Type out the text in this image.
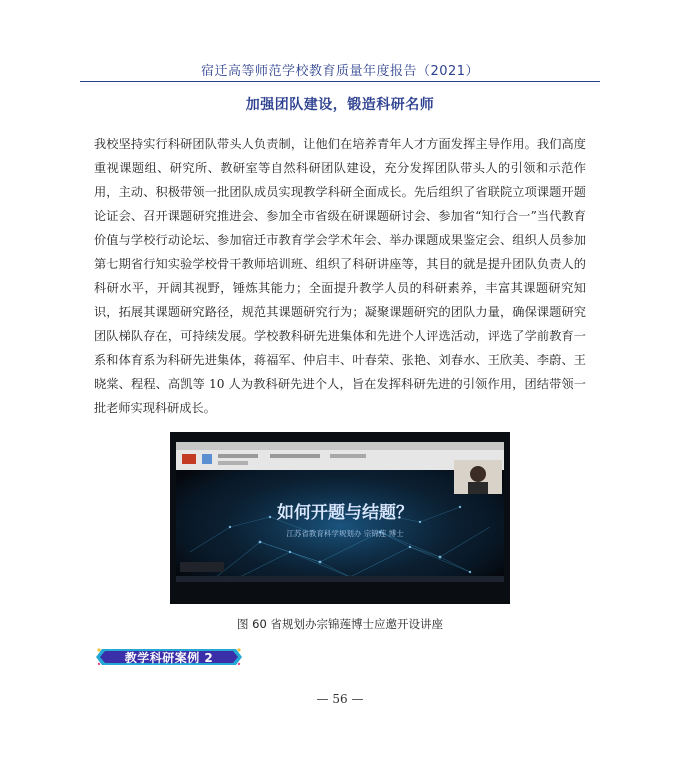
宿迁高等师范学校教育质量年度报告（2021）
加强团队建设，锻造科研名师
我校坚持实行科研团队带头人负责制，让他们在培养青年人才方面发挥主导作用。我们高度重视课题组、研究所、教研室等自然科研团队建设，充分发挥团队带头人的引领和示范作用，主动、积极带领一批团队成员实现教学科研全面成长。先后组织了省联院立项课题开题论证会、召开课题研究推进会、参加全市省级在研课题研讨会、参加省“知行合一”当代教育价值与学校行动论坛、参加宿迁市教育学会学术年会、举办课题成果鉴定会、组织人员参加第七期省行知实验学校骨干教师培训班、组织了科研讲座等，其目的就是提升团队负责人的科研水平，开阔其视野，锤炼其能力；全面提升教学人员的科研素养，丰富其课题研究知识，拓展其课题研究路径，规范其课题研究行为；凝聚课题研究的团队力量，确保课题研究团队梯队存在，可持续发展。学校教科研先进集体和先进个人评选活动，评选了学前教育一系和体育系为科研先进集体，蒋福军、仲启丰、叶春荣、张艳、刘春水、王欣美、李蔚、王晓棠、程程、高凯等 10 人为教科研先进个人，旨在发挥科研先进的引领作用，团结带领一批老师实现科研成长。
如何开题与结题？
江苏省教育科学规划办 宗锦莲 博士
图 60 省规划办宗锦莲博士应邀开设讲座
教学科研案例 2
— 56 —
